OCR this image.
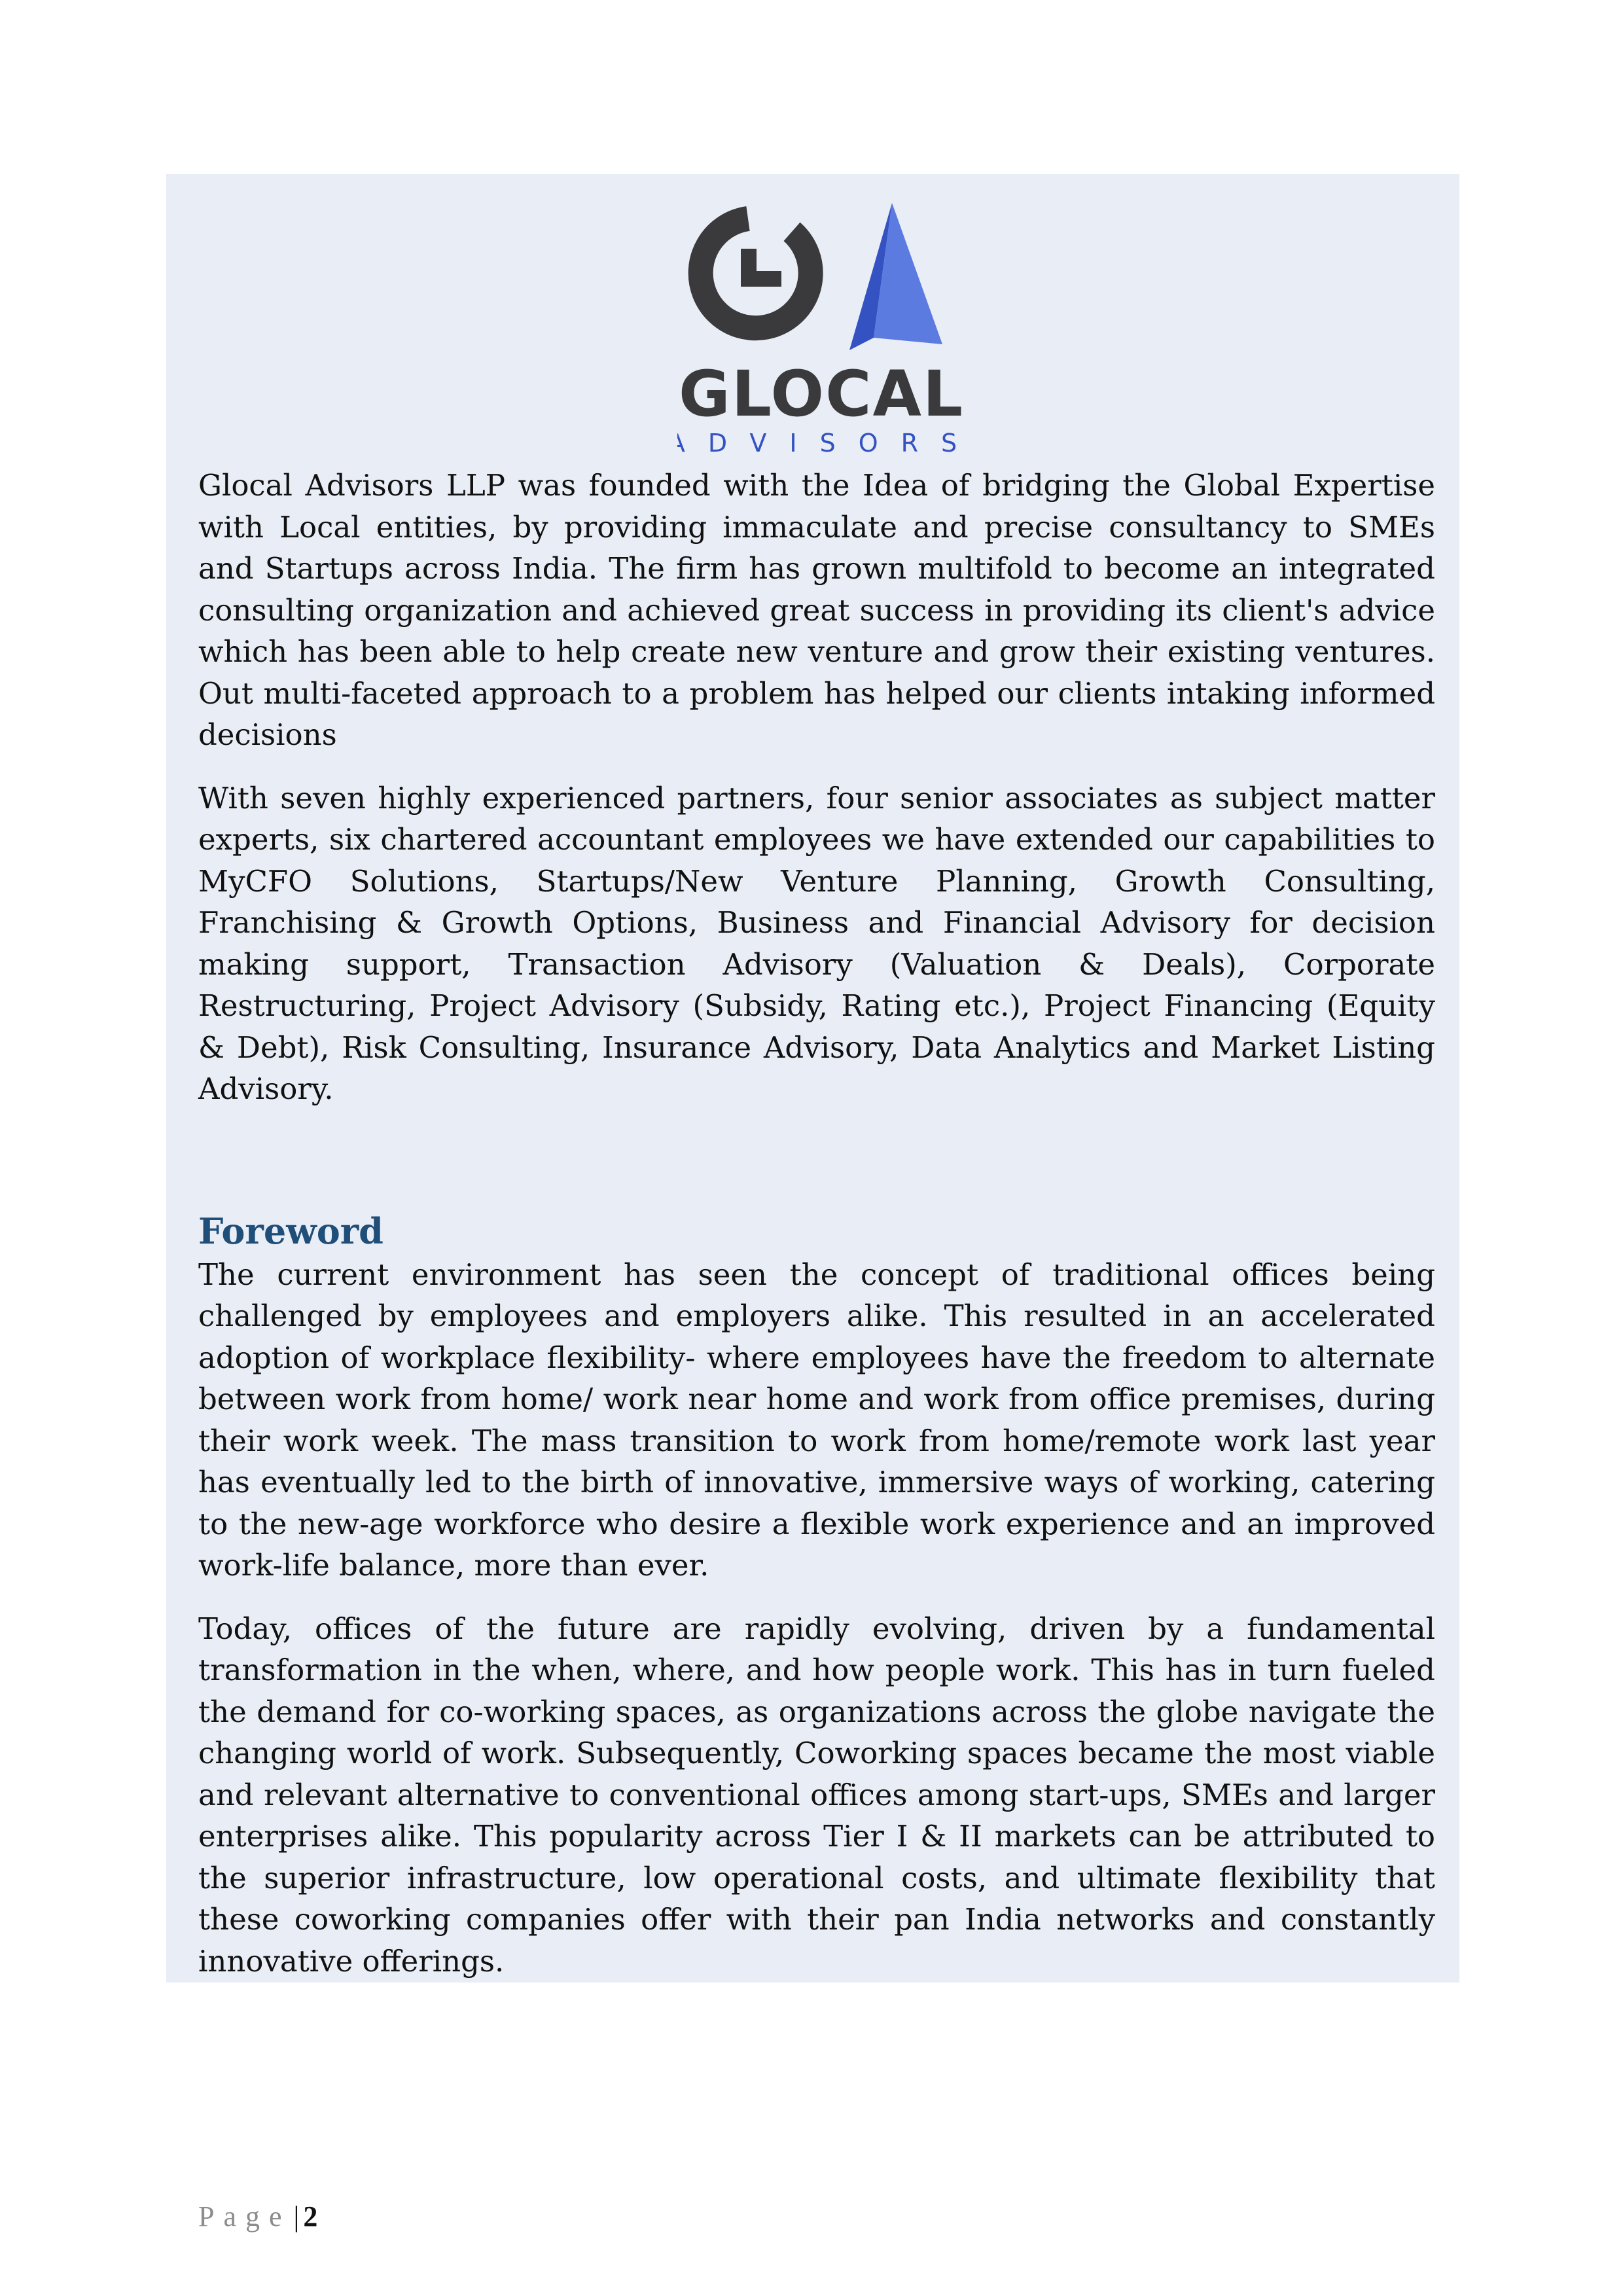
GLOCAL
ADVISORS

Glocal Advisors LLP was founded with the Idea of bridging the Global Expertise with Local entities, by providing immaculate and precise consultancy to SMEs and Startups across India. The firm has grown multifold to become an integrated consulting organization and achieved great success in providing its client's advice which has been able to help create new venture and grow their existing ventures. Out multi-faceted approach to a problem has helped our clients intaking informed decisions

With seven highly experienced partners, four senior associates as subject matter experts, six chartered accountant employees we have extended our capabilities to MyCFO Solutions, Startups/New Venture Planning, Growth Consulting, Franchising & Growth Options, Business and Financial Advisory for decision making support, Transaction Advisory (Valuation & Deals), Corporate Restructuring, Project Advisory (Subsidy, Rating etc.), Project Financing (Equity & Debt), Risk Consulting, Insurance Advisory, Data Analytics and Market Listing Advisory.

Foreword

The current environment has seen the concept of traditional offices being challenged by employees and employers alike. This resulted in an accelerated adoption of workplace flexibility- where employees have the freedom to alternate between work from home/ work near home and work from office premises, during their work week. The mass transition to work from home/remote work last year has eventually led to the birth of innovative, immersive ways of working, catering to the new-age workforce who desire a flexible work experience and an improved work-life balance, more than ever.

Today, offices of the future are rapidly evolving, driven by a fundamental transformation in the when, where, and how people work. This has in turn fueled the demand for co-working spaces, as organizations across the globe navigate the changing world of work. Subsequently, Coworking spaces became the most viable and relevant alternative to conventional offices among start-ups, SMEs and larger enterprises alike. This popularity across Tier I & II markets can be attributed to the superior infrastructure, low operational costs, and ultimate flexibility that these coworking companies offer with their pan India networks and constantly innovative offerings.

Page| 2
